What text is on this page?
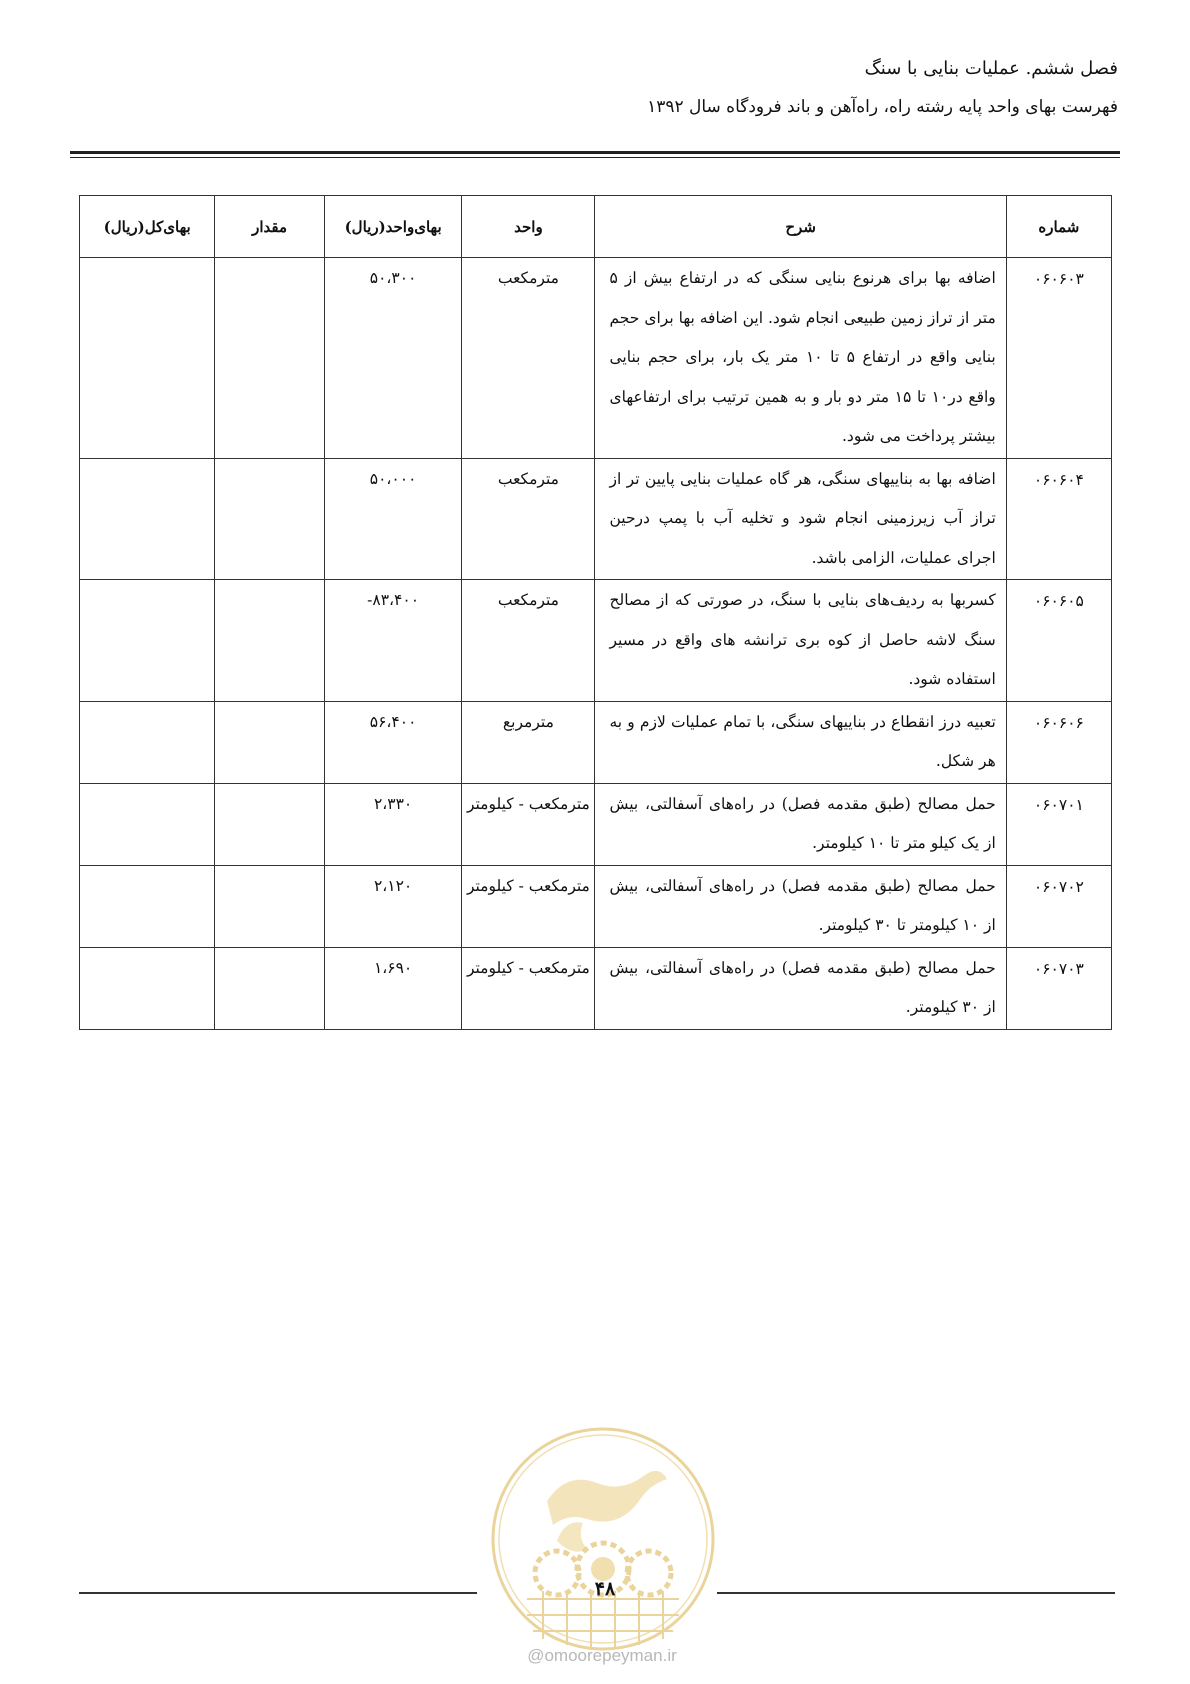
فصل ششم. عملیات بنایی با سنگ
فهرست بهای واحد پایه رشته راه، راه‌آهن و باند فرودگاه سال ۱۳۹۲
شماره	شرح	واحد	بهای‌واحد(ریال)	مقدار	بهای‌کل(ریال)
۰۶۰۶۰۳	اضافه بها برای هرنوع بنایی سنگی که در ارتفاع بیش از ۵ متر از تراز زمین طبیعی انجام شود. این اضافه بها برای حجم بنایی واقع در ارتفاع ۵ تا ۱۰ متر یک بار، برای حجم بنایی واقع در۱۰ تا ۱۵ متر دو بار و به همین ترتیب برای ارتفاعهای بیشتر پرداخت می شود.	مترمکعب	۵۰،۳۰۰		
۰۶۰۶۰۴	اضافه بها به بناییهای سنگی، هر گاه عملیات بنایی پایین تر از تراز آب زیرزمینی انجام شود و تخلیه آب با پمپ درحین اجرای عملیات، الزامی باشد.	مترمکعب	۵۰،۰۰۰		
۰۶۰۶۰۵	کسربها به ردیف‌های بنایی با سنگ، در صورتی که از مصالح سنگ لاشه حاصل از کوه بری ترانشه های واقع در مسیر استفاده شود.	مترمکعب	-۸۳،۴۰۰		
۰۶۰۶۰۶	تعبیه درز انقطاع در بناییهای سنگی، با تمام عملیات لازم و به هر شکل.	مترمربع	۵۶،۴۰۰		
۰۶۰۷۰۱	حمل مصالح (طبق مقدمه فصل) در راه‌های آسفالتی، بیش از یک کیلو متر تا ۱۰ کیلومتر.	مترمکعب - کیلومتر	۲،۳۳۰		
۰۶۰۷۰۲	حمل مصالح (طبق مقدمه فصل) در راه‌های آسفالتی، بیش از ۱۰ کیلومتر تا ۳۰ کیلومتر.	مترمکعب - کیلومتر	۲،۱۲۰		
۰۶۰۷۰۳	حمل مصالح (طبق مقدمه فصل) در راه‌های آسفالتی، بیش از ۳۰ کیلومتر.	مترمکعب - کیلومتر	۱،۶۹۰		
۴۸
@omoorepeyman.ir
